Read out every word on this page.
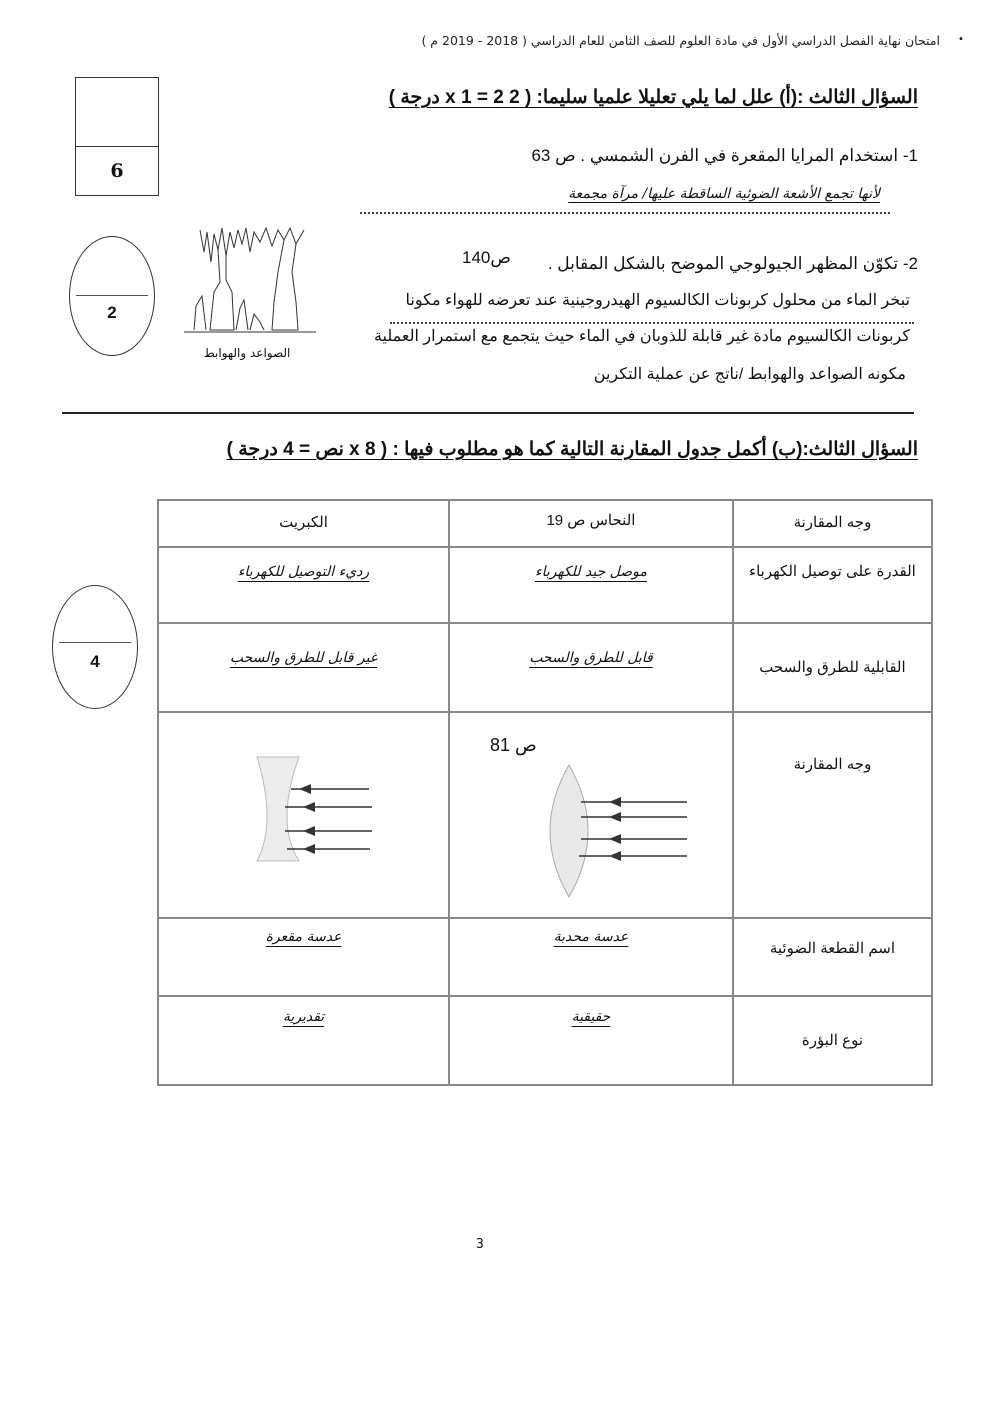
•
امتحان نهاية الفصل الدراسي الأول في مادة العلوم للصف الثامن للعام الدراسي ( 2018 - 2019 م )
6
السؤال الثالث :(أ) علل لما يلي تعليلا علميا سليما: ( 2 x 1 = 2 درجة )
1- استخدام المرايا المقعرة في الفرن الشمسي . ص 63
لأنها تجمع الأشعة الضوئية الساقطة عليها/ مرآة مجمعة
2
الصواعد والهوابط
2- تكوّن المظهر الجيولوجي الموضح بالشكل المقابل .
ص140
تبخر الماء من محلول كربونات الكالسيوم الهيدروجينية عند تعرضه للهواء مكونا
كربونات الكالسيوم مادة غير قابلة للذوبان في الماء حيث يتجمع مع استمرار العملية
مكونه الصواعد والهوابط /ناتج عن عملية التكرين
السؤال الثالث:(ب) أكمل جدول المقارنة التالية كما هو مطلوب فيها : ( 8 x نص = 4 درجة )
4
وجه المقارنة	النحاس ص 19	الكبريت

القدرة على توصيل الكهرباء	موصل جيد للكهرباء	رديء التوصيل للكهرباء

القابلية للطرق والسحب	قابل للطرق والسحب	غير قابل للطرق والسحب

وجه المقارنة	ص 81

اسم القطعة الضوئية	عدسة محدبة	عدسة مقعرة

نوع البؤرة	حقيقية	تقديرية
3
